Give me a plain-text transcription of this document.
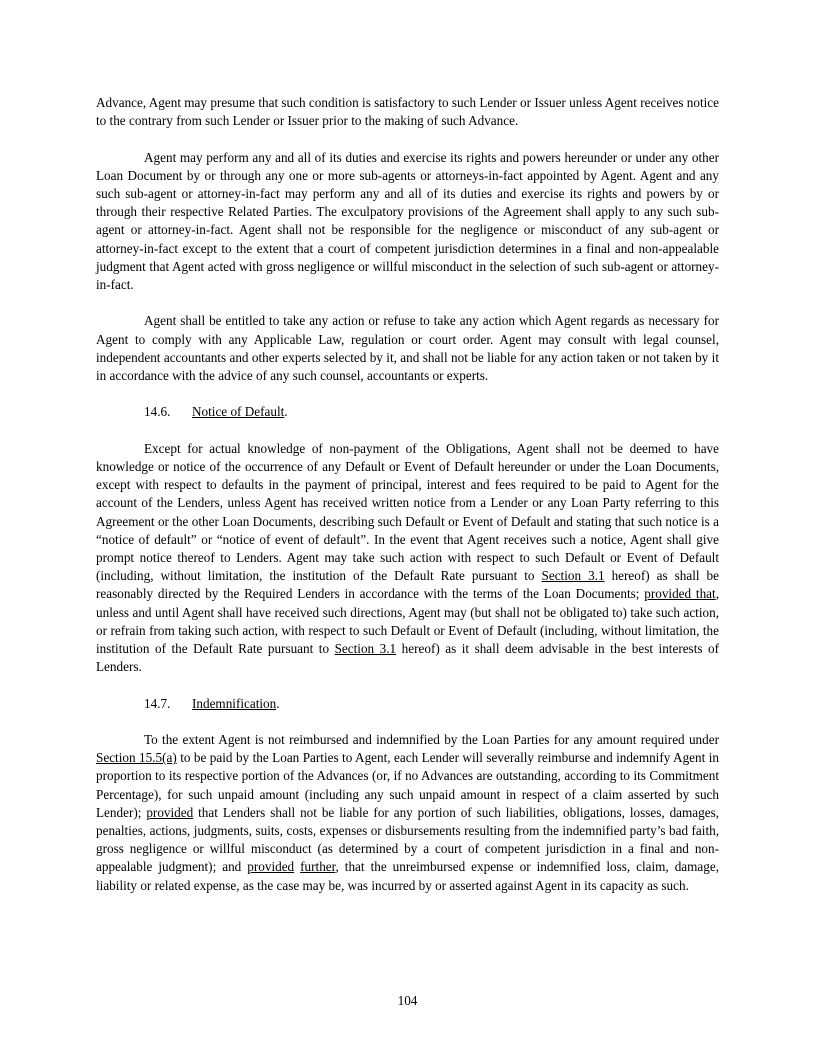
Advance, Agent may presume that such condition is satisfactory to such Lender or Issuer unless Agent receives notice to the contrary from such Lender or Issuer prior to the making of such Advance.

Agent may perform any and all of its duties and exercise its rights and powers hereunder or under any other Loan Document by or through any one or more sub-agents or attorneys-in-fact appointed by Agent. Agent and any such sub-agent or attorney-in-fact may perform any and all of its duties and exercise its rights and powers by or through their respective Related Parties. The exculpatory provisions of the Agreement shall apply to any such sub-agent or attorney-in-fact. Agent shall not be responsible for the negligence or misconduct of any sub-agent or attorney-in-fact except to the extent that a court of competent jurisdiction determines in a final and non-appealable judgment that Agent acted with gross negligence or willful misconduct in the selection of such sub-agent or attorney-in-fact.

Agent shall be entitled to take any action or refuse to take any action which Agent regards as necessary for Agent to comply with any Applicable Law, regulation or court order. Agent may consult with legal counsel, independent accountants and other experts selected by it, and shall not be liable for any action taken or not taken by it in accordance with the advice of any such counsel, accountants or experts.

14.6. Notice of Default.

Except for actual knowledge of non-payment of the Obligations, Agent shall not be deemed to have knowledge or notice of the occurrence of any Default or Event of Default hereunder or under the Loan Documents, except with respect to defaults in the payment of principal, interest and fees required to be paid to Agent for the account of the Lenders, unless Agent has received written notice from a Lender or any Loan Party referring to this Agreement or the other Loan Documents, describing such Default or Event of Default and stating that such notice is a “notice of default” or “notice of event of default”. In the event that Agent receives such a notice, Agent shall give prompt notice thereof to Lenders. Agent may take such action with respect to such Default or Event of Default (including, without limitation, the institution of the Default Rate pursuant to Section 3.1 hereof) as shall be reasonably directed by the Required Lenders in accordance with the terms of the Loan Documents; provided that, unless and until Agent shall have received such directions, Agent may (but shall not be obligated to) take such action, or refrain from taking such action, with respect to such Default or Event of Default (including, without limitation, the institution of the Default Rate pursuant to Section 3.1 hereof) as it shall deem advisable in the best interests of Lenders.

14.7. Indemnification.

To the extent Agent is not reimbursed and indemnified by the Loan Parties for any amount required under Section 15.5(a) to be paid by the Loan Parties to Agent, each Lender will severally reimburse and indemnify Agent in proportion to its respective portion of the Advances (or, if no Advances are outstanding, according to its Commitment Percentage), for such unpaid amount (including any such unpaid amount in respect of a claim asserted by such Lender); provided that Lenders shall not be liable for any portion of such liabilities, obligations, losses, damages, penalties, actions, judgments, suits, costs, expenses or disbursements resulting from the indemnified party’s bad faith, gross negligence or willful misconduct (as determined by a court of competent jurisdiction in a final and non-appealable judgment); and provided further, that the unreimbursed expense or indemnified loss, claim, damage, liability or related expense, as the case may be, was incurred by or asserted against Agent in its capacity as such.

104
